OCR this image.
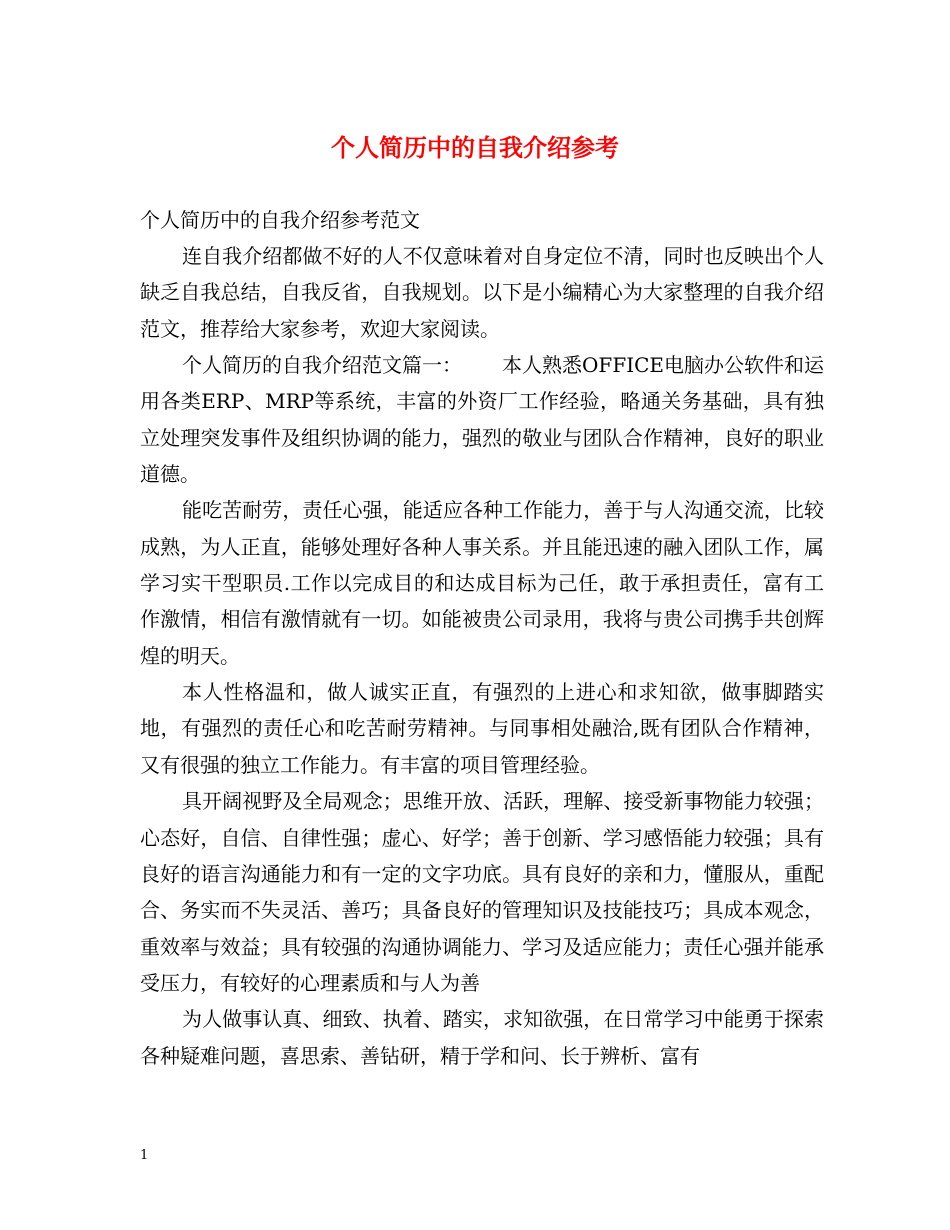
个人简历中的自我介绍参考

个人简历中的自我介绍参考范文

连自我介绍都做不好的人不仅意味着对自身定位不清，同时也反映出个人缺乏自我总结，自我反省，自我规划。以下是小编精心为大家整理的自我介绍范文，推荐给大家参考，欢迎大家阅读。

个人简历的自我介绍范文篇一： 本人熟悉OFFICE电脑办公软件和运用各类ERP、MRP等系统，丰富的外资厂工作经验，略通关务基础，具有独立处理突发事件及组织协调的能力，强烈的敬业与团队合作精神，良好的职业道德。

能吃苦耐劳，责任心强，能适应各种工作能力，善于与人沟通交流，比较成熟，为人正直，能够处理好各种人事关系。并且能迅速的融入团队工作，属学习实干型职员.工作以完成目的和达成目标为己任，敢于承担责任，富有工作激情，相信有激情就有一切。如能被贵公司录用，我将与贵公司携手共创辉煌的明天。

本人性格温和，做人诚实正直，有强烈的上进心和求知欲，做事脚踏实地，有强烈的责任心和吃苦耐劳精神。与同事相处融洽,既有团队合作精神，又有很强的独立工作能力。有丰富的项目管理经验。

具开阔视野及全局观念；思维开放、活跃，理解、接受新事物能力较强；心态好，自信、自律性强；虚心、好学；善于创新、学习感悟能力较强；具有良好的语言沟通能力和有一定的文字功底。具有良好的亲和力，懂服从，重配合、务实而不失灵活、善巧；具备良好的管理知识及技能技巧；具成本观念，重效率与效益；具有较强的沟通协调能力、学习及适应能力；责任心强并能承受压力，有较好的心理素质和与人为善

为人做事认真、细致、执着、踏实，求知欲强，在日常学习中能勇于探索各种疑难问题，喜思索、善钻研，精于学和问、长于辨析、富有

1
